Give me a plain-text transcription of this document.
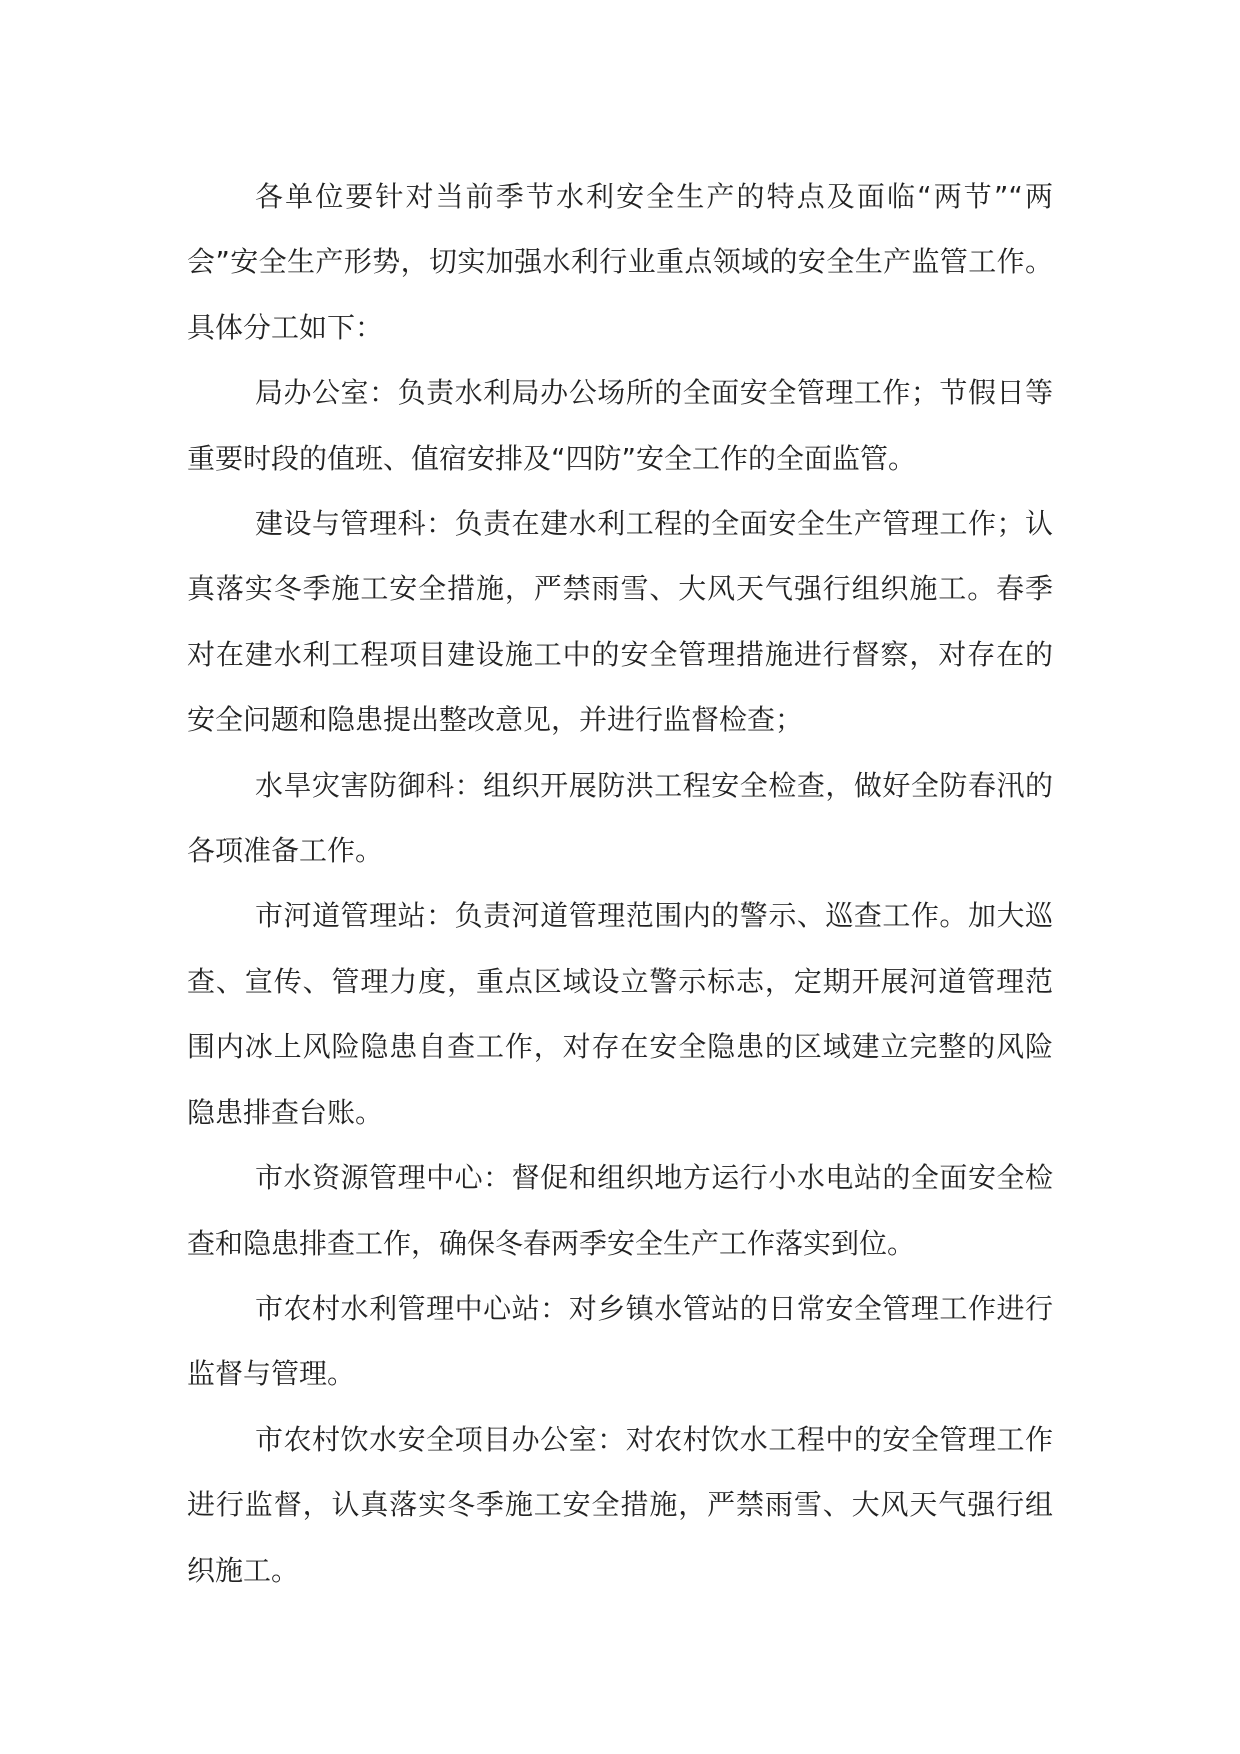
各单位要针对当前季节水利安全生产的特点及面临“两节”“两会”安全生产形势，切实加强水利行业重点领域的安全生产监管工作。具体分工如下：

局办公室：负责水利局办公场所的全面安全管理工作；节假日等重要时段的值班、值宿安排及“四防”安全工作的全面监管。

建设与管理科：负责在建水利工程的全面安全生产管理工作；认真落实冬季施工安全措施，严禁雨雪、大风天气强行组织施工。春季对在建水利工程项目建设施工中的安全管理措施进行督察，对存在的安全问题和隐患提出整改意见，并进行监督检查；

水旱灾害防御科：组织开展防洪工程安全检查，做好全防春汛的各项准备工作。

市河道管理站：负责河道管理范围内的警示、巡查工作。加大巡查、宣传、管理力度，重点区域设立警示标志，定期开展河道管理范围内冰上风险隐患自查工作，对存在安全隐患的区域建立完整的风险隐患排查台账。

市水资源管理中心：督促和组织地方运行小水电站的全面安全检查和隐患排查工作，确保冬春两季安全生产工作落实到位。

市农村水利管理中心站：对乡镇水管站的日常安全管理工作进行监督与管理。

市农村饮水安全项目办公室：对农村饮水工程中的安全管理工作进行监督，认真落实冬季施工安全措施，严禁雨雪、大风天气强行组织施工。
